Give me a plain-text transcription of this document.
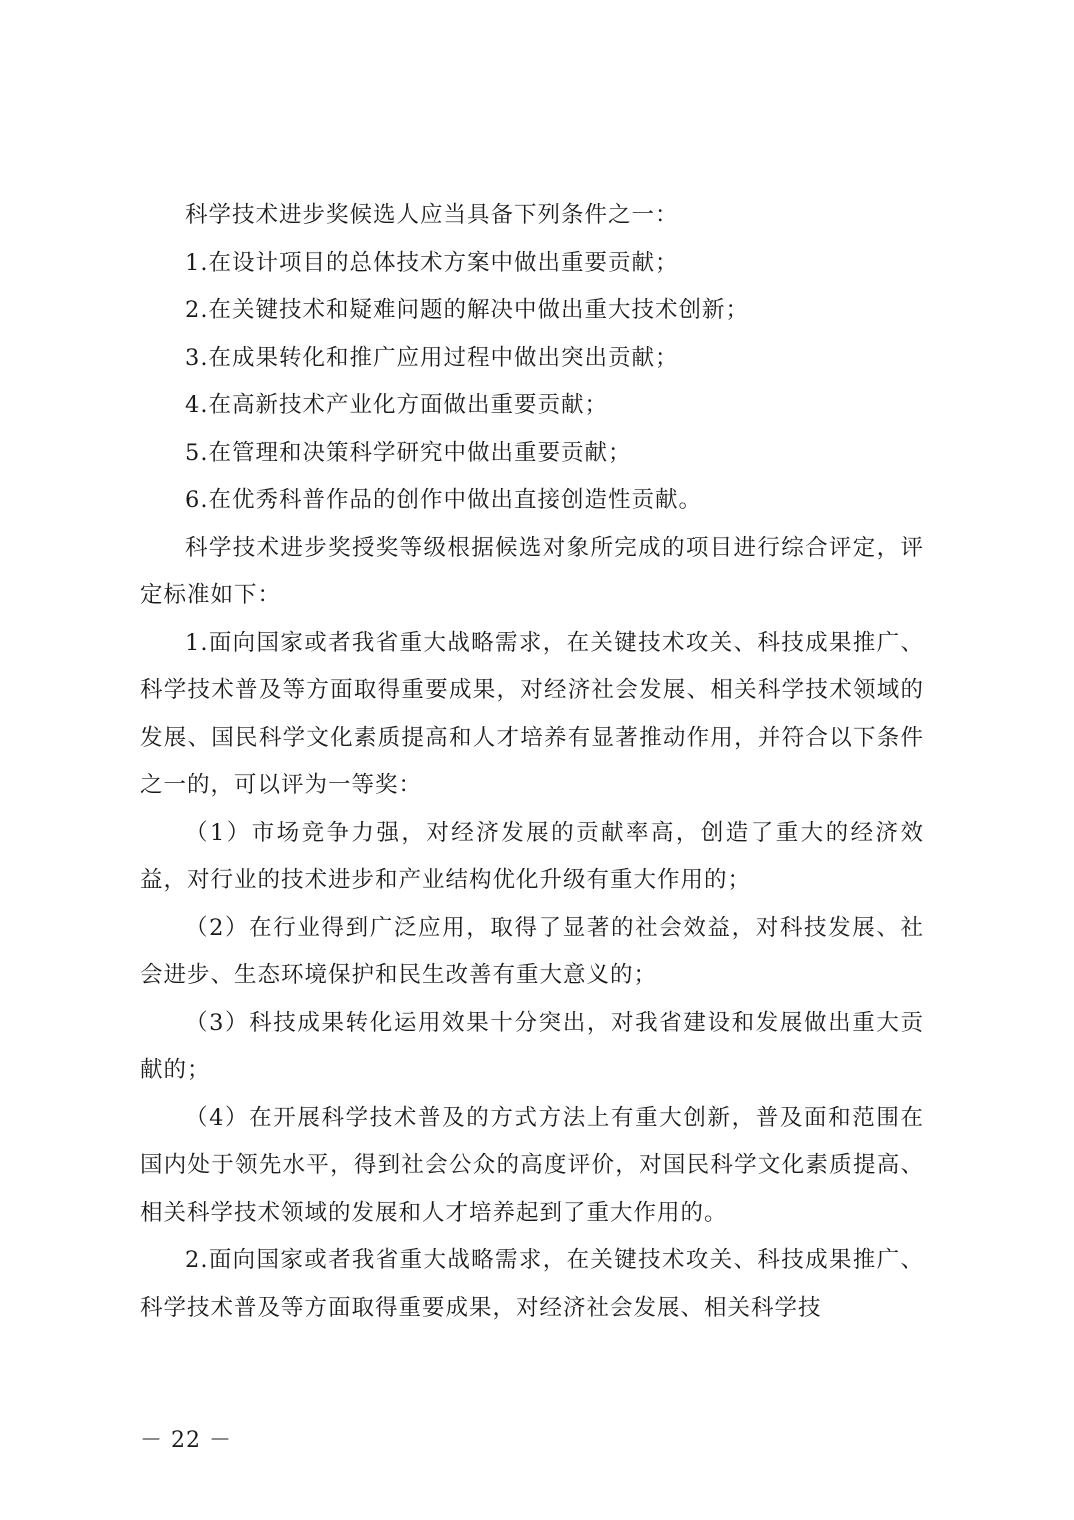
科学技术进步奖候选人应当具备下列条件之一：

1.在设计项目的总体技术方案中做出重要贡献；

2.在关键技术和疑难问题的解决中做出重大技术创新；

3.在成果转化和推广应用过程中做出突出贡献；

4.在高新技术产业化方面做出重要贡献；

5.在管理和决策科学研究中做出重要贡献；

6.在优秀科普作品的创作中做出直接创造性贡献。

科学技术进步奖授奖等级根据候选对象所完成的项目进行综合评定，评定标准如下：

1.面向国家或者我省重大战略需求，在关键技术攻关、科技成果推广、科学技术普及等方面取得重要成果，对经济社会发展、相关科学技术领域的发展、国民科学文化素质提高和人才培养有显著推动作用，并符合以下条件之一的，可以评为一等奖：

（1）市场竞争力强，对经济发展的贡献率高，创造了重大的经济效益，对行业的技术进步和产业结构优化升级有重大作用的；

（2）在行业得到广泛应用，取得了显著的社会效益，对科技发展、社会进步、生态环境保护和民生改善有重大意义的；

（3）科技成果转化运用效果十分突出，对我省建设和发展做出重大贡献的；

（4）在开展科学技术普及的方式方法上有重大创新，普及面和范围在国内处于领先水平，得到社会公众的高度评价，对国民科学文化素质提高、相关科学技术领域的发展和人才培养起到了重大作用的。

2.面向国家或者我省重大战略需求，在关键技术攻关、科技成果推广、科学技术普及等方面取得重要成果，对经济社会发展、相关科学技

－ 22 －
